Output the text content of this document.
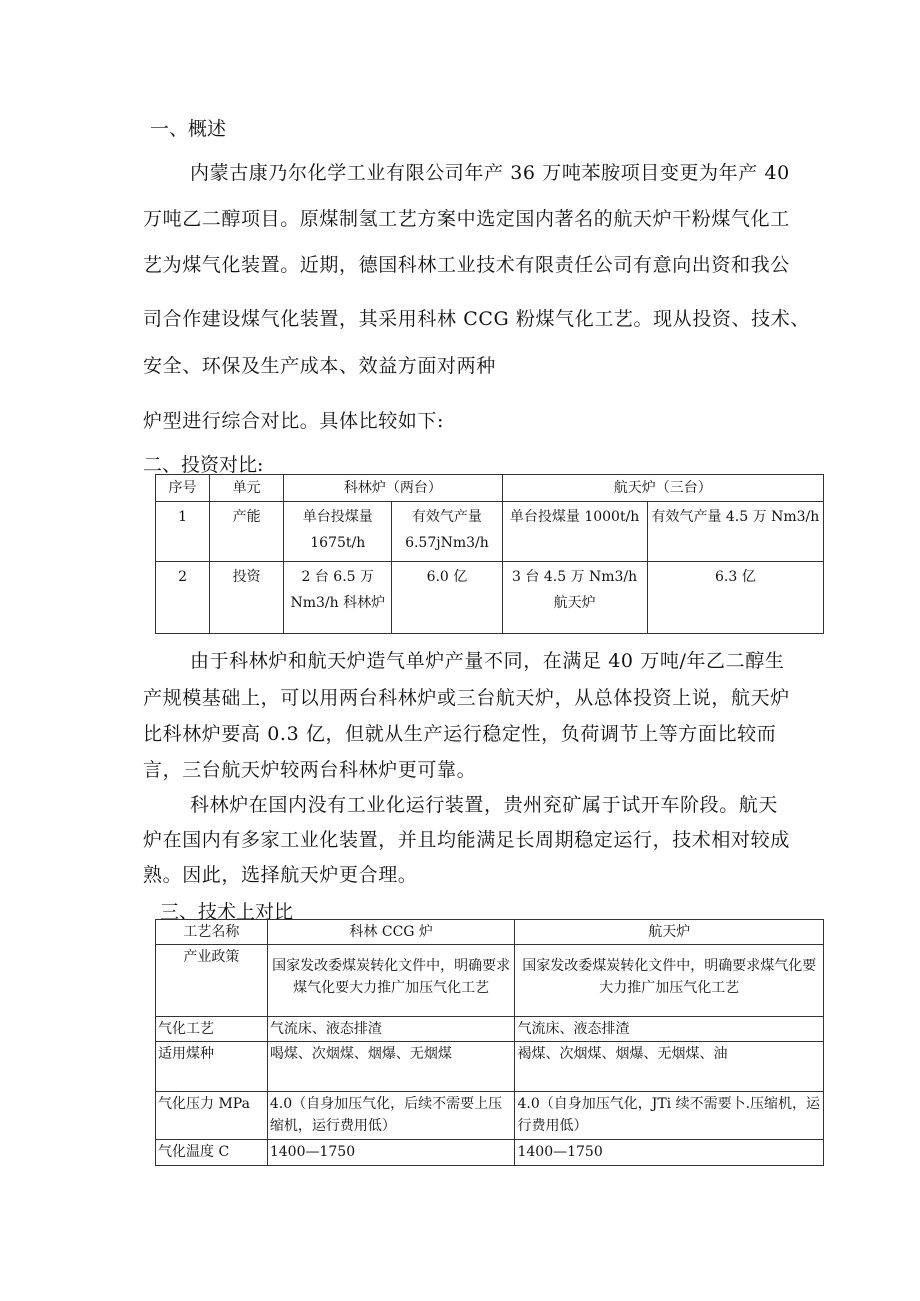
一、概述
内蒙古康乃尔化学工业有限公司年产 36 万吨苯胺项目变更为年产 40
万吨乙二醇项目。原煤制氢工艺方案中选定国内著名的航天炉干粉煤气化工
艺为煤气化装置。近期，德国科林工业技术有限责任公司有意向出资和我公
司合作建设煤气化装置，其采用科林 CCG 粉煤气化工艺。现从投资、技术、
安全、环保及生产成本、效益方面对两种
炉型进行综合对比。具体比较如下:
二、投资对比:
序号	单元	科林炉（两台）		航天炉（三台）	
1	产能	单台投煤量 1675t/h	有效气产量 6.57jNm3/h	单台投煤量 1000t/h	有效气产量 4.5 万 Nm3/h
2	投资	2 台 6.5 万 Nm3/h 科林炉	6.0 亿	3 台 4.5 万 Nm3/h 航天炉	6.3 亿
由于科林炉和航天炉造气单炉产量不同，在满足 40 万吨/年乙二醇生
产规模基础上，可以用两台科林炉或三台航天炉，从总体投资上说，航天炉
比科林炉要高 0.3 亿，但就从生产运行稳定性，负荷调节上等方面比较而
言，三台航天炉较两台科林炉更可靠。
科林炉在国内没有工业化运行装置，贵州兖矿属于试开车阶段。航天
炉在国内有多家工业化装置，并且均能满足长周期稳定运行，技术相对较成
熟。因此，选择航天炉更合理。
三、技术上对比
工艺名称	科林 CCG 炉	航天炉
产业政策	国家发改委煤炭转化文件中，明确要求煤气化要大力推广加压气化工艺	国家发改委煤炭转化文件中，明确要求煤气化要大力推广加压气化工艺
气化工艺	气流床、液态排渣	气流床、液态排渣
适用煤种	喝煤、次烟煤、烟爆、无烟煤	褐煤、次烟煤、烟爆、无烟煤、油
气化压力 MPa	4.0（自身加压气化，后续不需要上压缩机，运行费用低）	4.0（自身加压气化，JTi 续不需要卜.压缩机，运行费用低）
气化温度 C	1400—1750	1400—1750
